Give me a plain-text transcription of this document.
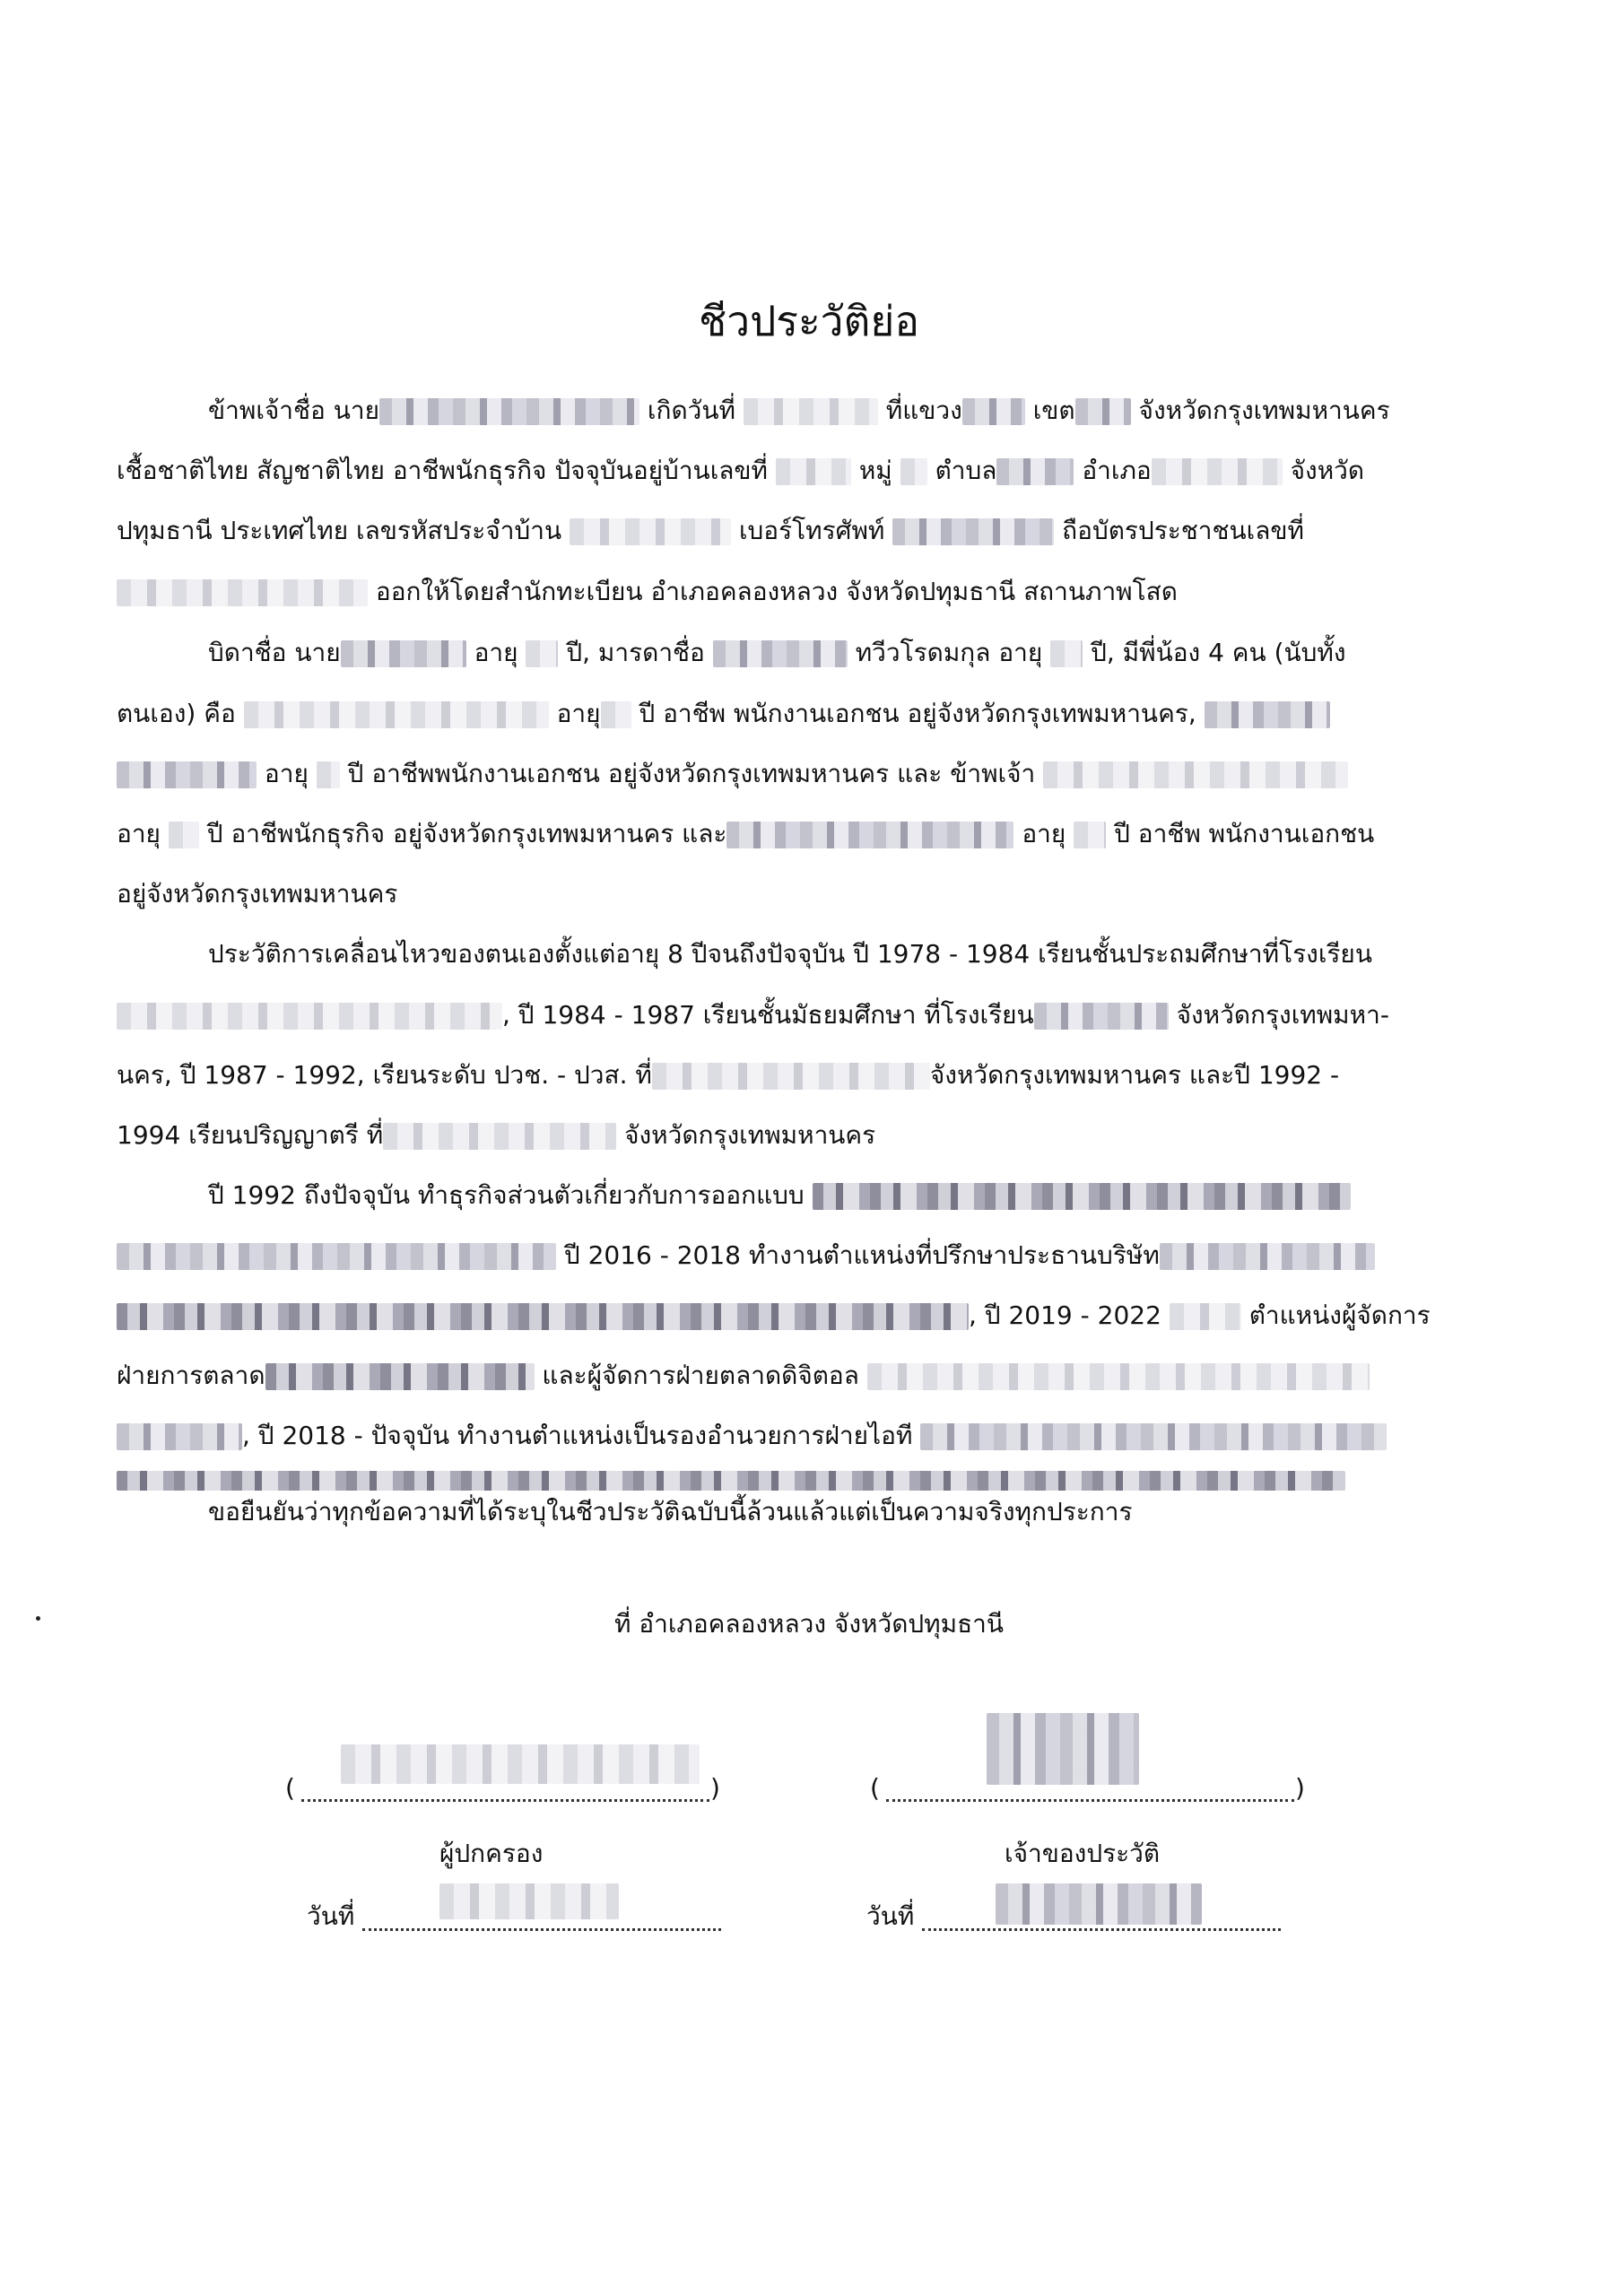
ชีวประวัติย่อ
ข้าพเจ้าชื่อ นาย	เกิดวันที่	ที่แขวง	เขต	จังหวัดกรุงเทพมหานคร
เชื้อชาติไทย สัญชาติไทย อาชีพนักธุรกิจ ปัจจุบันอยู่บ้านเลขที่	หมู่ ตำบล	อำเภอ	จังหวัด
ปทุมธานี ประเทศไทย เลขรหัสประจำบ้าน	เบอร์โทรศัพท์	ถือบัตรประชาชนเลขที่
ออกให้โดยสำนักทะเบียน อำเภอคลองหลวง จังหวัดปทุมธานี สถานภาพโสด
บิดาชื่อ นาย	อายุ ปี, มารดาชื่อ	ทวีวโรดมกุล อายุ ปี, มีพี่น้อง 4 คน (นับทั้ง
ตนเอง) คือ	อายุ ปี อาชีพ พนักงานเอกชน อยู่จังหวัดกรุงเทพมหานคร,
อายุ ปี อาชีพพนักงานเอกชน อยู่จังหวัดกรุงเทพมหานคร และ ข้าพเจ้า
อายุ ปี อาชีพนักธุรกิจ อยู่จังหวัดกรุงเทพมหานคร และ	อายุ ปี อาชีพ พนักงานเอกชน
อยู่จังหวัดกรุงเทพมหานคร
ประวัติการเคลื่อนไหวของตนเองตั้งแต่อายุ 8 ปีจนถึงปัจจุบัน ปี 1978 - 1984 เรียนชั้นประถมศึกษาที่โรงเรียน
, ปี 1984 - 1987 เรียนชั้นมัธยมศึกษา ที่โรงเรียน	จังหวัดกรุงเทพมหา-
นคร, ปี 1987 - 1992, เรียนระดับ ปวช. - ปวส. ที่	จังหวัดกรุงเทพมหานคร และปี 1992 -
1994 เรียนปริญญาตรี ที่	จังหวัดกรุงเทพมหานคร
ปี 1992 ถึงปัจจุบัน ทำธุรกิจส่วนตัวเกี่ยวกับการออกแบบ
ปี 2016 - 2018 ทำงานตำแหน่งที่ปรึกษาประธานบริษัท
, ปี 2019 - 2022	ตำแหน่งผู้จัดการ
ฝ่ายการตลาด	และผู้จัดการฝ่ายตลาดดิจิตอล
, ปี 2018 - ปัจจุบัน ทำงานตำแหน่งเป็นรองอำนวยการฝ่ายไอที
ขอยืนยันว่าทุกข้อความที่ได้ระบุในชีวประวัติฉบับนี้ล้วนแล้วแต่เป็นความจริงทุกประการ
ที่ อำเภอคลองหลวง จังหวัดปทุมธานี
(	)
ผู้ปกครอง
วันที่
(	)
เจ้าของประวัติ
วันที่
